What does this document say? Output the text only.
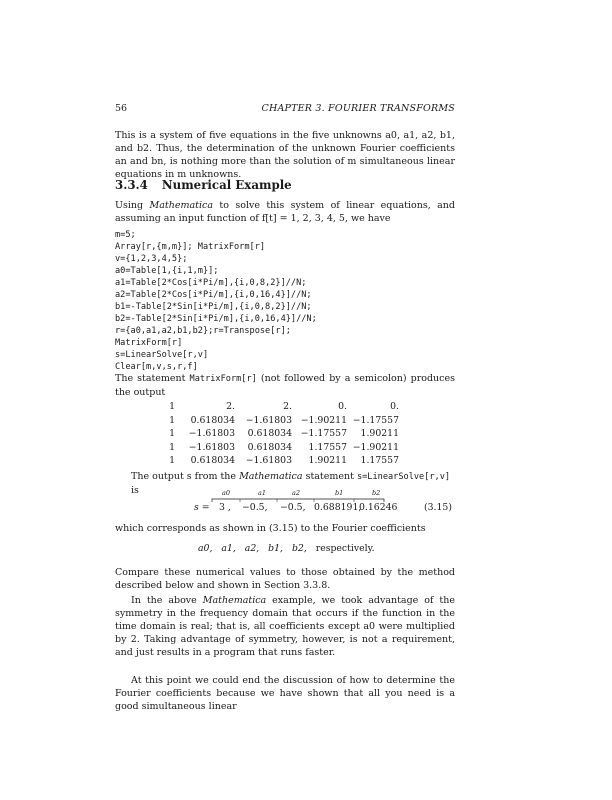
56	CHAPTER 3. FOURIER TRANSFORMS
This is a system of five equations in the five unknowns a0, a1, a2, b1, and b2. Thus, the determination of the unknown Fourier coefficients an and bn, is nothing more than the solution of m simultaneous linear equations in m unknowns.
3.3.4 Numerical Example
Using Mathematica to solve this system of linear equations, and assuming an input function of f[t] = 1, 2, 3, 4, 5, we have
m=5;
Array[r,{m,m}]; MatrixForm[r]
v={1,2,3,4,5};
a0=Table[1,{i,1,m}];
a1=Table[2*Cos[i*Pi/m],{i,0,8,2}]//N;
a2=Table[2*Cos[i*Pi/m],{i,0,16,4}]//N;
b1=-Table[2*Sin[i*Pi/m],{i,0,8,2}]//N;
b2=-Table[2*Sin[i*Pi/m],{i,0,16,4}]//N;
r={a0,a1,a2,b1,b2};r=Transpose[r];
MatrixForm[r]
s=LinearSolve[r,v]
Clear[m,v,s,r,f]
The statement MatrixForm[r] (not followed by a semicolon) produces the output
1	2.	2.	0.	0.
1	0.618034	−1.61803 −1.90211 −1.17557
1	−1.61803	0.618034 −1.17557	1.90211
1	−1.61803	0.618034	1.17557 −1.90211
1	0.618034	−1.61803	1.90211	1.17557
The output s from the Mathematica statement s=LinearSolve[r,v] is	a0	a1	a2	b1	b2
s = 3 , −0.5, −0.5, 0.688191,
0.16246	(3.15)
which corresponds as shown in (3.15) to the Fourier coefficients
a0, a1, a2, b1, b2, respectively.
Compare these numerical values to those obtained by the method described below and shown in Section 3.3.8.
In the above Mathematica example, we took advantage of the symmetry in the frequency domain that occurs if the function in the time domain is real; that is, all coefficients except a0 were multiplied by 2. Taking advantage of symmetry, however, is not a requirement, and just results in a program that runs faster.
At this point we could end the discussion of how to determine the Fourier coefficients because we have shown that all you need is a good simultaneous linear
